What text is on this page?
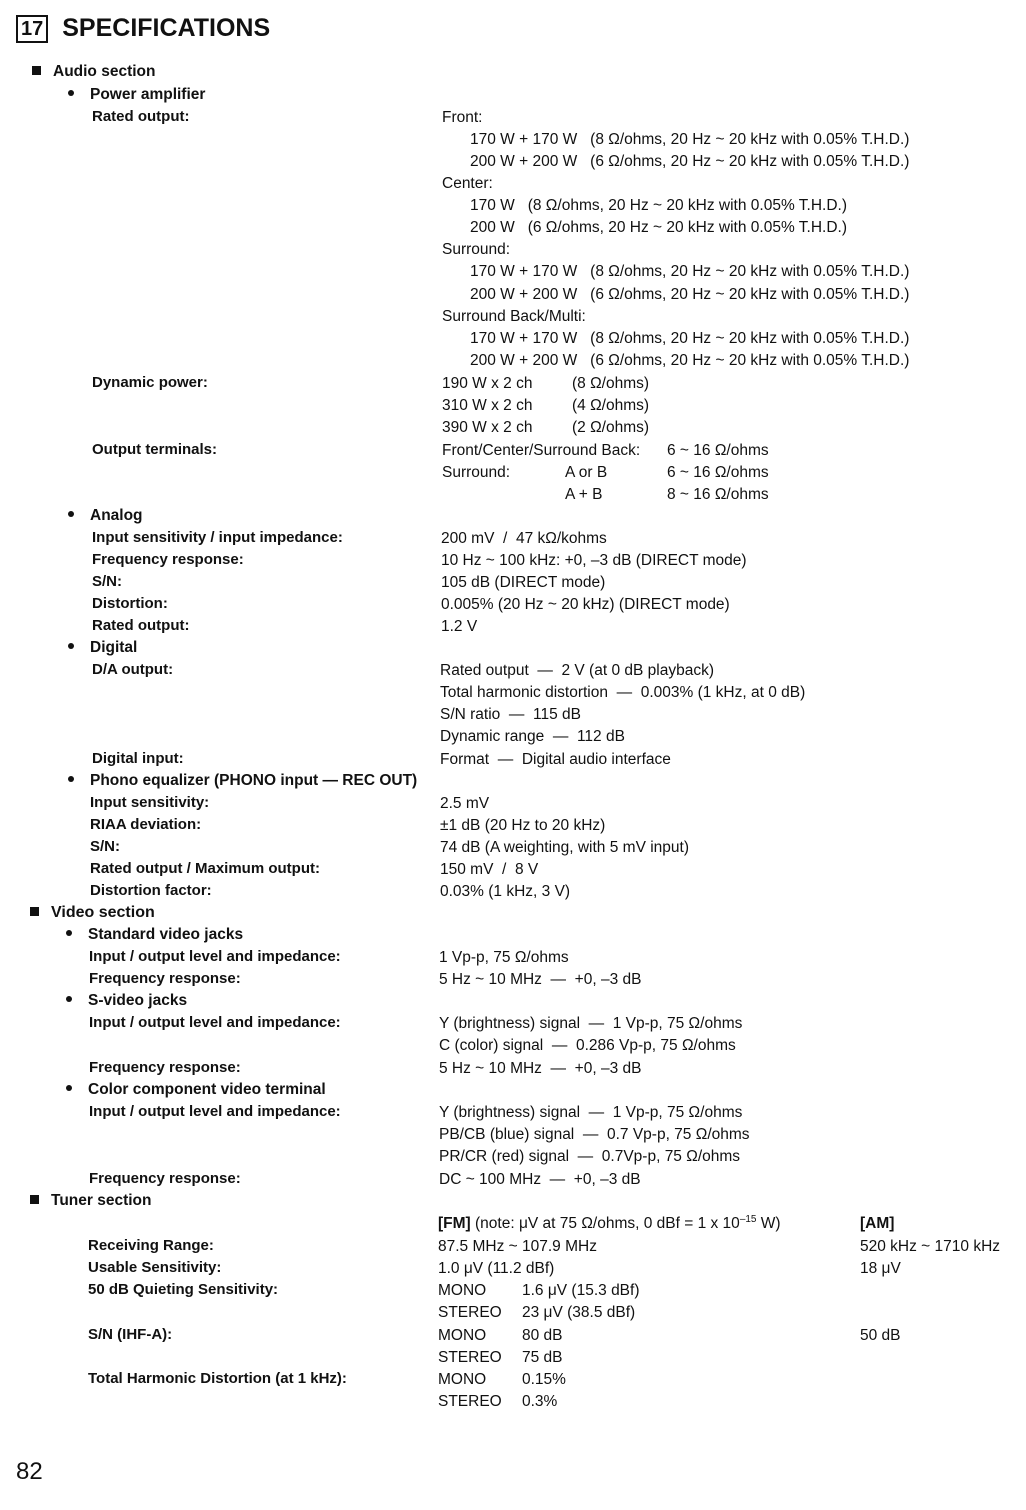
17 SPECIFICATIONS
Audio section
Power amplifier
Rated output:	Front:
170 W + 170 W   (8 Ω/ohms, 20 Hz ~ 20 kHz with 0.05% T.H.D.)
200 W + 200 W   (6 Ω/ohms, 20 Hz ~ 20 kHz with 0.05% T.H.D.)
Center:
170 W   (8 Ω/ohms, 20 Hz ~ 20 kHz with 0.05% T.H.D.)
200 W   (6 Ω/ohms, 20 Hz ~ 20 kHz with 0.05% T.H.D.)
Surround:
170 W + 170 W   (8 Ω/ohms, 20 Hz ~ 20 kHz with 0.05% T.H.D.)
200 W + 200 W   (6 Ω/ohms, 20 Hz ~ 20 kHz with 0.05% T.H.D.)
Surround Back/Multi:
170 W + 170 W   (8 Ω/ohms, 20 Hz ~ 20 kHz with 0.05% T.H.D.)
200 W + 200 W   (6 Ω/ohms, 20 Hz ~ 20 kHz with 0.05% T.H.D.)
Dynamic power:	190 W x 2 ch	(8 Ω/ohms)
310 W x 2 ch	(4 Ω/ohms)
390 W x 2 ch	(2 Ω/ohms)
Output terminals:	Front/Center/Surround Back: 6 ~ 16 Ω/ohms
Surround:	A or B	6 ~ 16 Ω/ohms
A + B	8 ~ 16 Ω/ohms
Analog
Input sensitivity / input impedance:	200 mV  /  47 kΩ/kohms
Frequency response:	10 Hz ~ 100 kHz: +0, –3 dB (DIRECT mode)
S/N:	105 dB (DIRECT mode)
Distortion:	0.005% (20 Hz ~ 20 kHz) (DIRECT mode)
Rated output:	1.2 V
Digital
D/A output:	Rated output  —  2 V (at 0 dB playback)
Total harmonic distortion  —  0.003% (1 kHz, at 0 dB)
S/N ratio  —  115 dB
Dynamic range  —  112 dB
Digital input:	Format  —  Digital audio interface
Phono equalizer (PHONO input — REC OUT)
Input sensitivity:	2.5 mV
RIAA deviation:	±1 dB (20 Hz to 20 kHz)
S/N:	74 dB (A weighting, with 5 mV input)
Rated output / Maximum output:	150 mV  /  8 V
Distortion factor:	0.03% (1 kHz, 3 V)
Video section
Standard video jacks
Input / output level and impedance:	1 Vp-p, 75 Ω/ohms
Frequency response:	5 Hz ~ 10 MHz  —  +0, –3 dB
S-video jacks
Input / output level and impedance:	Y (brightness) signal  —  1 Vp-p, 75 Ω/ohms
C (color) signal  —  0.286 Vp-p, 75 Ω/ohms
Frequency response:	5 Hz ~ 10 MHz  —  +0, –3 dB
Color component video terminal
Input / output level and impedance:	Y (brightness) signal  —  1 Vp-p, 75 Ω/ohms
PB/CB (blue) signal  —  0.7 Vp-p, 75 Ω/ohms
PR/CR (red) signal  —  0.7Vp-p, 75 Ω/ohms
Frequency response:	DC ~ 100 MHz  —  +0, –3 dB
Tuner section
[FM] (note: μV at 75 Ω/ohms, 0 dBf = 1 x $10^{-15}$ W)	[AM]
Receiving Range:	87.5 MHz ~ 107.9 MHz	520 kHz ~ 1710 kHz
Usable Sensitivity:	1.0 μV (11.2 dBf)	18 μV
50 dB Quieting Sensitivity:	MONO 1.6 μV (15.3 dBf)
STEREO 23 μV (38.5 dBf)
S/N (IHF-A):	MONO 80 dB	50 dB
STEREO 75 dB
Total Harmonic Distortion (at 1 kHz):	MONO 0.15%
STEREO 0.3%
82
